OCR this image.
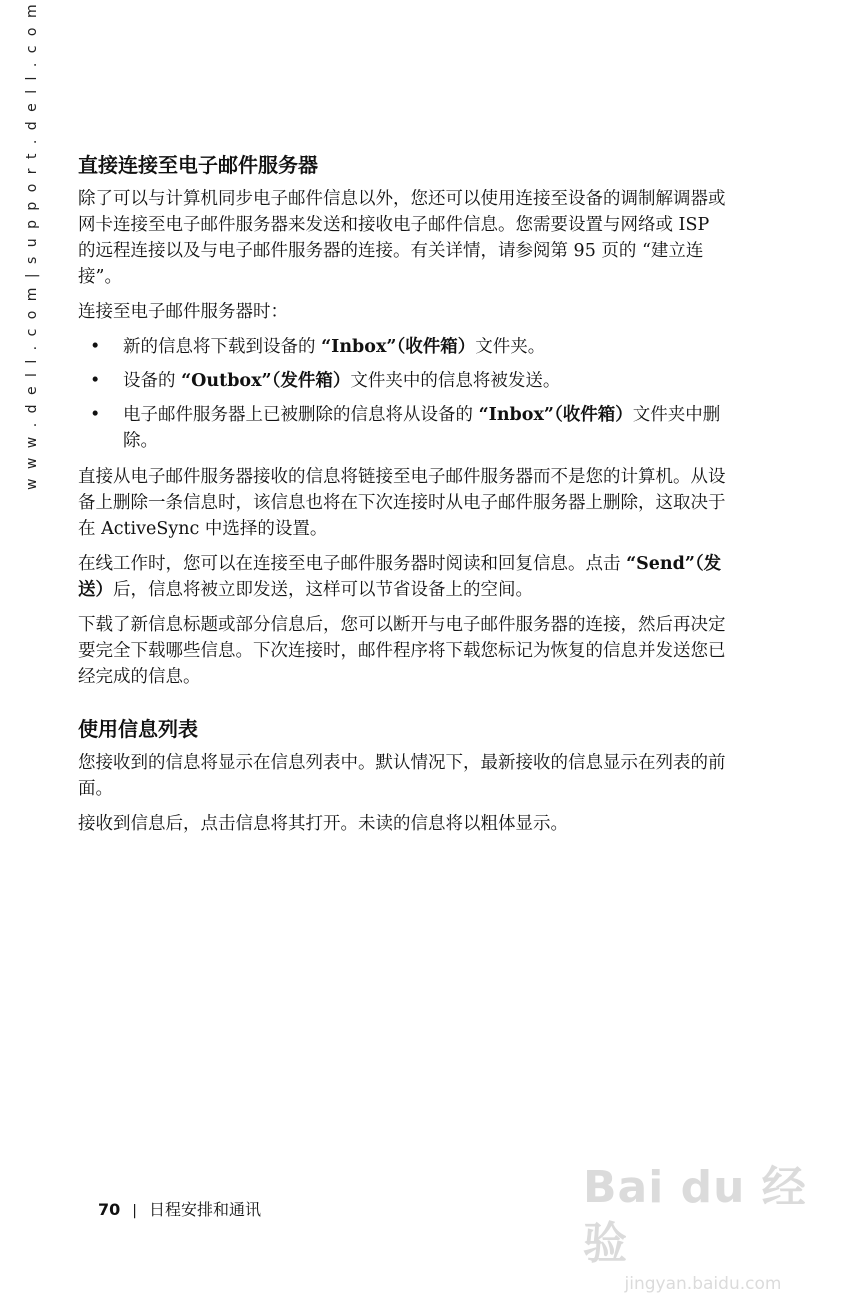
w w w . d e l l . c o m | s u p p o r t . d e l l . c o m	直接连接至电子邮件服务器

除了可以与计算机同步电子邮件信息以外，您还可以使用连接至设备的调制解调器或网卡连接至电子邮件服务器来发送和接收电子邮件信息。您需要设置与网络或 ISP 的远程连接以及与电子邮件服务器的连接。有关详情，请参阅第 95 页的 “建立连接”。

连接至电子邮件服务器时：

• 新的信息将下载到设备的 “Inbox”（收件箱）文件夹。
• 设备的 “Outbox”（发件箱）文件夹中的信息将被发送。
• 电子邮件服务器上已被删除的信息将从设备的 “Inbox”（收件箱）文件夹中删除。

直接从电子邮件服务器接收的信息将链接至电子邮件服务器而不是您的计算机。从设备上删除一条信息时，该信息也将在下次连接时从电子邮件服务器上删除，这取决于在 ActiveSync 中选择的设置。

在线工作时，您可以在连接至电子邮件服务器时阅读和回复信息。点击 “Send”（发送）后，信息将被立即发送，这样可以节省设备上的空间。

下载了新信息标题或部分信息后，您可以断开与电子邮件服务器的连接，然后再决定要完全下载哪些信息。下次连接时，邮件程序将下载您标记为恢复的信息并发送您已经完成的信息。

使用信息列表

您接收到的信息将显示在信息列表中。默认情况下，最新接收的信息显示在列表的前面。

接收到信息后，点击信息将其打开。未读的信息将以粗体显示。

70 | 日程安排和通讯	Bai du 经验
jingyan.baidu.com
